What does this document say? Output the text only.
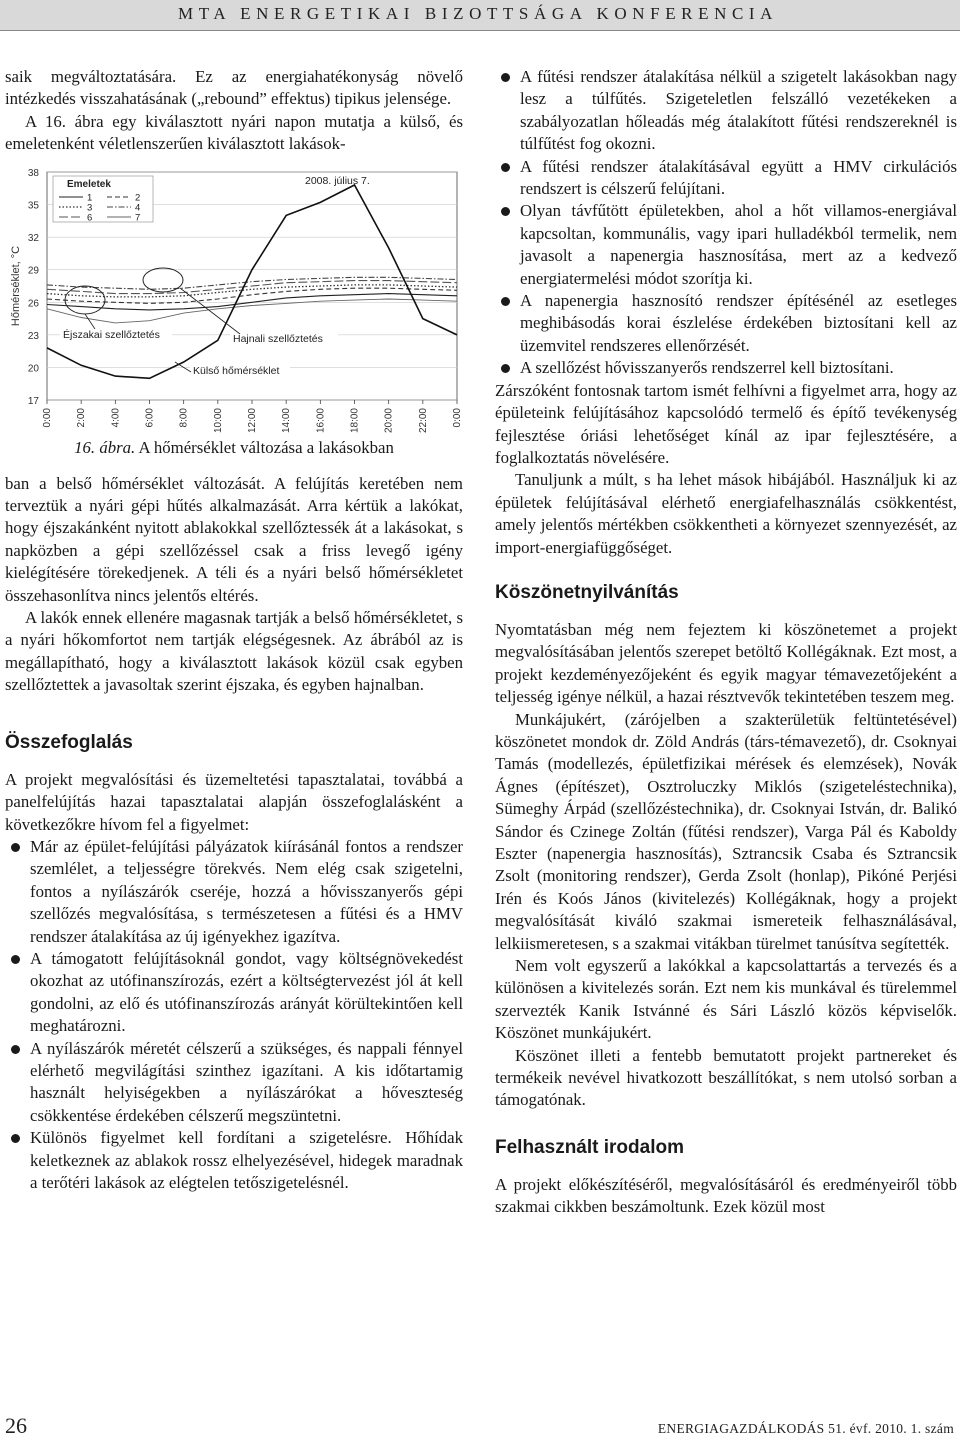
MTA ENERGETIKAI BIZOTTSÁGA KONFERENCIA

saik megváltoztatására. Ez az energiahatékonyság növelő intézkedés visszahatásának („rebound” effektus) tipikus jelensége.

A 16. ábra egy kiválasztott nyári napon mutatja a külső, és emeletenként véletlenszerűen kiválasztott lakások-

17
20
23
26
29
32
35
38
0:00 2:00 4:00 6:00 8:00 10:00 12:00 14:00 16:00 18:00 20:00 22:00 0:00
Hőmérséklet, °C
Emeletek
1	2
3	4
6	7
2008. július 7.
Éjszakai szellőztetés	Hajnali szellőztetés
Külső hőmérséklet
16. ábra. A hőmérséklet változása a lakásokban

ban a belső hőmérséklet változását. A felújítás keretében nem terveztük a nyári gépi hűtés alkalmazását. Arra kértük a lakókat, hogy éjszakánként nyitott ablakokkal szellőztessék át a lakásokat, s napközben a gépi szellőzéssel csak a friss levegő igény kielégítésére törekedjenek. A téli és a nyári belső hőmérsékletet összehasonlítva nincs jelentős eltérés.

A lakók ennek ellenére magasnak tartják a belső hőmérsékletet, s a nyári hőkomfortot nem tartják elégségesnek. Az ábrából az is megállapítható, hogy a kiválasztott lakások közül csak egyben szellőztettek a javasoltak szerint éjszaka, és egyben hajnalban.

Összefoglalás

A projekt megvalósítási és üzemeltetési tapasztalatai, továbbá a panelfelújítás hazai tapasztalatai alapján összefoglalásként a következőkre hívom fel a figyelmet:

Már az épület-felújítási pályázatok kiírásánál fontos a rendszer szemlélet, a teljességre törekvés. Nem elég csak szigetelni, fontos a nyílászárók cseréje, hozzá a hővisszanyerős gépi szellőzés megvalósítása, s természetesen a fűtési és a HMV rendszer átalakítása az új igényekhez igazítva.
A támogatott felújításoknál gondot, vagy költségnövekedést okozhat az utófinanszírozás, ezért a költségtervezést jól át kell gondolni, az elő és utófinanszírozás arányát körültekintően kell meghatározni.
A nyílászárók méretét célszerű a szükséges, és nappali fénnyel elérhető megvilágítási szinthez igazítani. A kis időtartamig használt helyiségekben a nyílászárókat a hőveszteség csökkentése érdekében célszerű megszüntetni.
Különös figyelmet kell fordítani a szigetelésre. Hőhídak keletkeznek az ablakok rossz elhelyezésével, hidegek maradnak a terőtéri lakások az elégtelen tetőszigetelésnél.
A fűtési rendszer átalakítása nélkül a szigetelt lakásokban nagy lesz a túlfűtés. Szigeteletlen felszálló vezetékeken a szabályozatlan hőleadás még átalakított fűtési rendszereknél is túlfűtést fog okozni.
A fűtési rendszer átalakításával együtt a HMV cirkulációs rendszert is célszerű felújítani.
Olyan távfűtött épületekben, ahol a hőt villamos-energiával kapcsoltan, kommunális, vagy ipari hulladékból termelik, nem javasolt a napenergia hasznosítása, mert az a kedvező energiatermelési módot szorítja ki.
A napenergia hasznosító rendszer építésénél az esetleges meghibásodás korai észlelése érdekében biztosítani kell az üzemvitel rendszeres ellenőrzését.
A szellőzést hővisszanyerős rendszerrel kell biztosítani.

Zárszóként fontosnak tartom ismét felhívni a figyelmet arra, hogy az épületeink felújításához kapcsolódó termelő és építő tevékenység fejlesztése óriási lehetőséget kínál az ipar fejlesztésére, a foglalkoztatás növelésére.

Tanuljunk a múlt, s ha lehet mások hibájából. Használjuk ki az épületek felújításával elérhető energiafelhasználás csökkentést, amely jelentős mértékben csökkentheti a környezet szennyezését, az import-energiafüggőséget.

Köszönetnyilvánítás

Nyomtatásban még nem fejeztem ki köszönetemet a projekt megvalósításában jelentős szerepet betöltő Kollégáknak. Ezt most, a projekt kezdeményezőjeként és egyik magyar témavezetőjeként a teljesség igénye nélkül, a hazai résztvevők tekintetében teszem meg.

Munkájukért, (zárójelben a szakterületük feltüntetésével) köszönetet mondok dr. Zöld András (társ-témavezető), dr. Csoknyai Tamás (modellezés, épületfizikai mérések és elemzések), Novák Ágnes (építészet), Osztroluczky Miklós (szigeteléstechnika), Sümeghy Árpád (szellőzéstechnika), dr. Csoknyai István, dr. Balikó Sándor és Czinege Zoltán (fűtési rendszer), Varga Pál és Kaboldy Eszter (napenergia hasznosítás), Sztrancsik Csaba és Sztrancsik Zsolt (monitoring rendszer), Gerda Zsolt (honlap), Pikóné Perjési Irén és Koós János (kivitelezés) Kollégáknak, hogy a projekt megvalósítását kiváló szakmai ismereteik felhasználásával, lelkiismeretesen, s a szakmai vitákban türelmet tanúsítva segítették.

Nem volt egyszerű a lakókkal a kapcsolattartás a tervezés és a különösen a kivitelezés során. Ezt nem kis munkával és türelemmel szervezték Kanik Istvánné és Sári László közös képviselők. Köszönet munkájukért.

Köszönet illeti a fentebb bemutatott projekt partnereket és termékeik nevével hivatkozott beszállítókat, s nem utolsó sorban a támogatónak.

Felhasznált irodalom

A projekt előkészítéséről, megvalósításáról és eredményeiről több szakmai cikkben beszámoltunk. Ezek közül most

26	ENERGIAGAZDÁLKODÁS 51. évf. 2010. 1. szám
